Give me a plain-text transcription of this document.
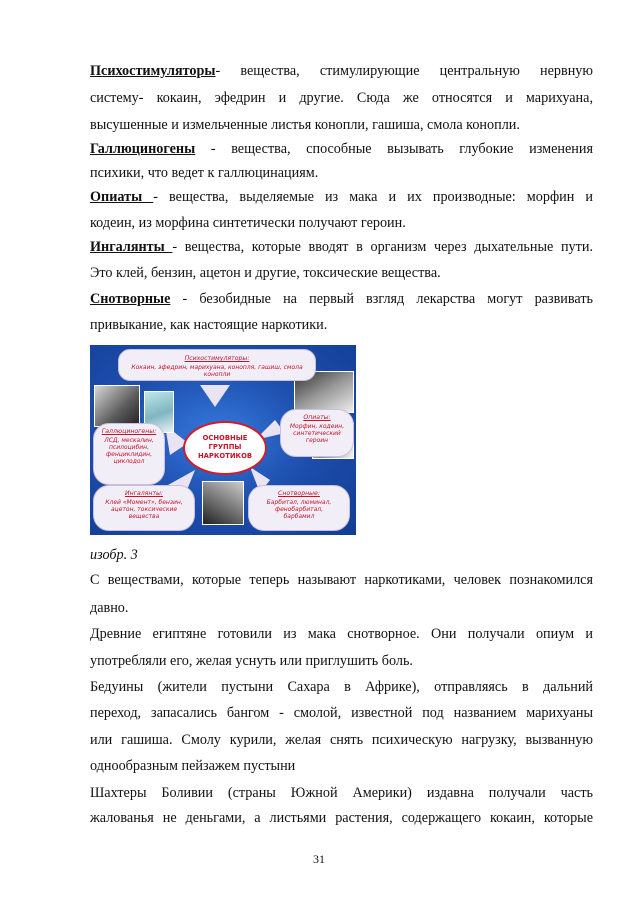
Психостимуляторы- вещества, стимулирующие центральную нервную
систему- кокаин, эфедрин и другие. Сюда же относятся и марихуана,
высушенные и измельченные листья конопли, гашиша, смола конопли.
Галлюциногены - вещества, способные вызывать глубокие изменения
психики, что ведет к галлюцинациям.
Опиаты - вещества, выделяемые из мака и их производные: морфин и
кодеин, из морфина синтетически получают героин.
Ингалянты - вещества, которые вводят в организм через дыхательные пути.
Это клей, бензин, ацетон и другие, токсические вещества.
Снотворные - безобидные на первый взгляд лекарства могут развивать
привыкание, как настоящие наркотики.
Психостимуляторы:
Кокаин, эфедрин, марихуана, конопля, гашиш, смола конопли
Галлюциногены:
ЛСД, мескалин, псилоцибин, фенциклидин, циклодол
Опиаты:
Морфин, кодеин, синтетический героин
Ингалянты:
Клей «Момент», бензин, ацетон, токсические вещества
Снотворные:
Барбитал, люминал, фенобарбитал, барбамил
ОСНОВНЫЕ ГРУППЫ НАРКОТИКОВ
изобр. 3
С веществами, которые теперь называют наркотиками, человек познакомился
давно.
Древние египтяне готовили из мака снотворное. Они получали опиум и
употребляли его, желая уснуть или приглушить боль.
Бедуины (жители пустыни Сахара в Африке), отправляясь в дальний
переход, запасались бангом - смолой, известной под названием марихуаны
или гашиша. Смолу курили, желая снять психическую нагрузку, вызванную
однообразным пейзажем пустыни
Шахтеры Боливии (страны Южной Америки) издавна получали часть
жалованья не деньгами, а листьями растения, содержащего кокаин, которые
31
